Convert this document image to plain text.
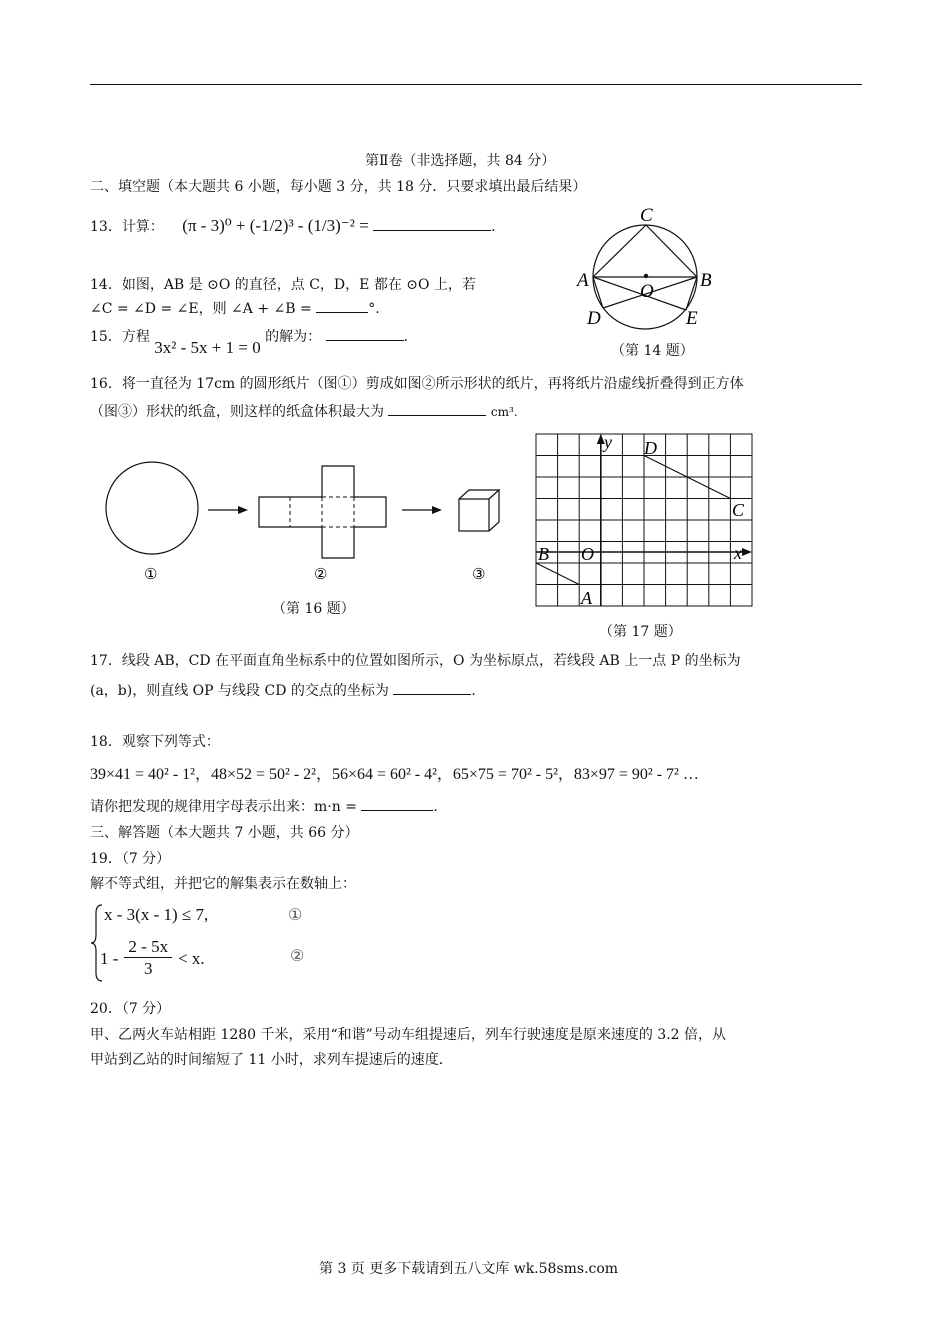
第Ⅱ卷（非选择题，共 84 分）
二、填空题（本大题共 6 小题，每小题 3 分，共 18 分．只要求填出最后结果）
13．计算： (π - 3)⁰ + (-1/2)³ - (1/3)⁻² =	.
14．如图，AB 是 ⊙O 的直径，点 C，D，E 都在 ⊙O 上，若
∠C = ∠D = ∠E，则 ∠A + ∠B =	°.
C
A	B
O
D	E
（第 14 题）
15．方程 3x² - 5x + 1 = 0 的解为：	.
16．将一直径为 17cm 的圆形纸片（图①）剪成如图②所示形状的纸片，再将纸片沿虚线折叠得到正方体
（图③）形状的纸盒，则这样的纸盒体积最大为	cm³.
①	②	③
（第 16 题）
y D
C
x
B O
A
（第 17 题）
17．线段 AB，CD 在平面直角坐标系中的位置如图所示，O 为坐标原点，若线段 AB 上一点 P 的坐标为
(a，b)，则直线 OP 与线段 CD 的交点的坐标为	.
18．观察下列等式：
39×41 = 40² - 1²，48×52 = 50² - 2²，56×64 = 60² - 4²，65×75 = 70² - 5²，83×97 = 90² - 7² …
请你把发现的规律用字母表示出来：m·n =	.
三、解答题（本大题共 7 小题，共 66 分）
19．（7 分）
解不等式组，并把它的解集表示在数轴上：
x - 3(x - 1) ≤ 7,	①
$1 - \frac{2 - 5x}{3} < x$.	②
20．（7 分）
甲、乙两火车站相距 1280 千米，采用“和谐”号动车组提速后，列车行驶速度是原来速度的 3.2 倍，从
甲站到乙站的时间缩短了 11 小时，求列车提速后的速度．
第 3 页 更多下载请到五八文库 wk.58sms.com
